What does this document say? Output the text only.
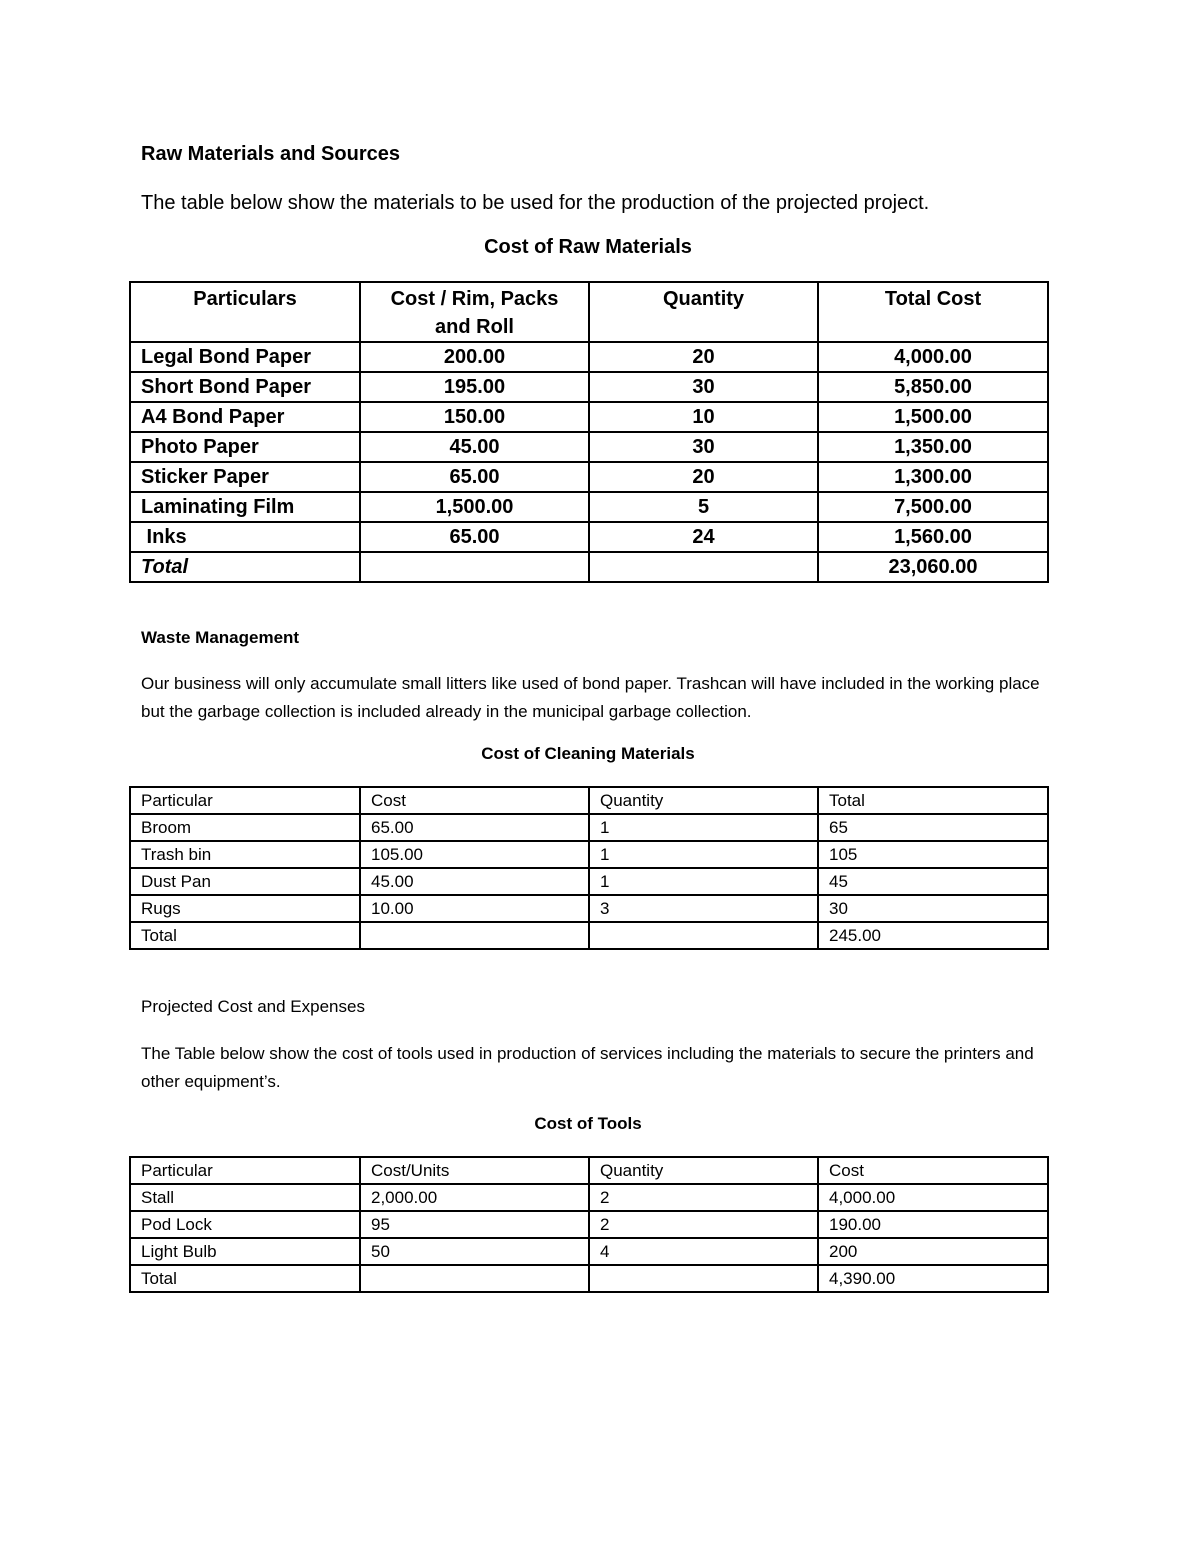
Raw Materials and Sources
The table below show the materials to be used for the production of the projected project.
Cost of Raw Materials
Particulars	Cost / Rim, Packs and Roll	Quantity	Total Cost
Legal Bond Paper	200.00	20	4,000.00
Short Bond Paper	195.00	30	5,850.00
A4 Bond Paper	150.00	10	1,500.00
Photo Paper	45.00	30	1,350.00
Sticker Paper	65.00	20	1,300.00
Laminating Film	1,500.00	5	7,500.00
Inks	65.00	24	1,560.00
Total			23,060.00
Waste Management
Our business will only accumulate small litters like used of bond paper. Trashcan will have included in the working place but the garbage collection is included already in the municipal garbage collection.
Cost of Cleaning Materials
Particular	Cost	Quantity	Total
Broom	65.00	1	65
Trash bin	105.00	1	105
Dust Pan	45.00	1	45
Rugs	10.00	3	30
Total			245.00
Projected Cost and Expenses
The Table below show the cost of tools used in production of services including the materials to secure the printers and other equipment’s.
Cost of Tools
Particular	Cost/Units	Quantity	Cost
Stall	2,000.00	2	4,000.00
Pod Lock	95	2	190.00
Light Bulb	50	4	200
Total			4,390.00
